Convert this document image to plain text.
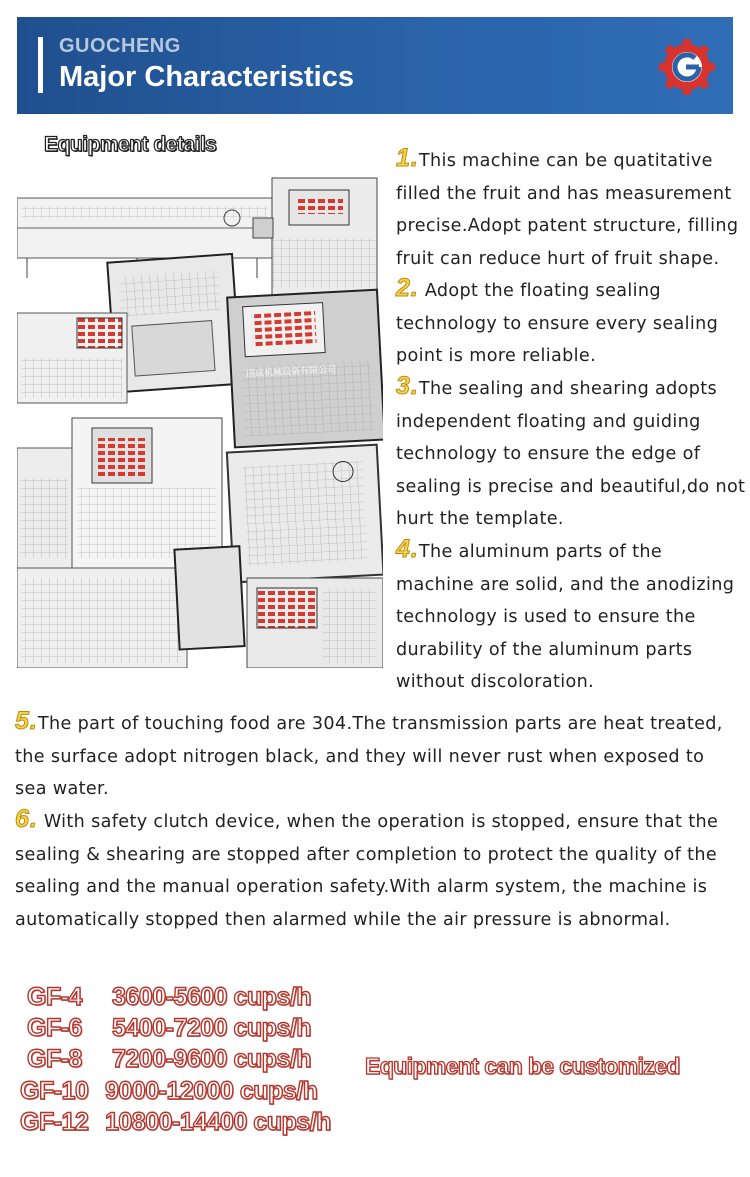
GUOCHENG
Major Characteristics
Equipment details
国成机械设备有限公司
1.This machine can be quatitative filled the fruit and has measurement precise.Adopt patent structure, filling fruit can reduce hurt of fruit shape.
2. Adopt the floating sealing technology to ensure every sealing point is more reliable.
3.The sealing and shearing adopts independent floating and guiding technology to ensure the edge of sealing is precise and beautiful,do not hurt the template.
4.The aluminum parts of the machine are solid, and the anodizing technology is used to ensure the durability of the aluminum parts without discoloration.
5.The part of touching food are 304.The transmission parts are heat treated, the surface adopt nitrogen black, and they will never rust when exposed to sea water.
6. With safety clutch device, when the operation is stopped, ensure that the sealing & shearing are stopped after completion to protect the quality of the sealing and the manual operation safety.With alarm system, the machine is automatically stopped then alarmed while the air pressure is abnormal.
GF-4 3600-5600 cups/h
GF-6 5400-7200 cups/h
GF-8 7200-9600 cups/h
GF-10 9000-12000 cups/h
GF-12 10800-14400 cups/h
Equipment can be customized
